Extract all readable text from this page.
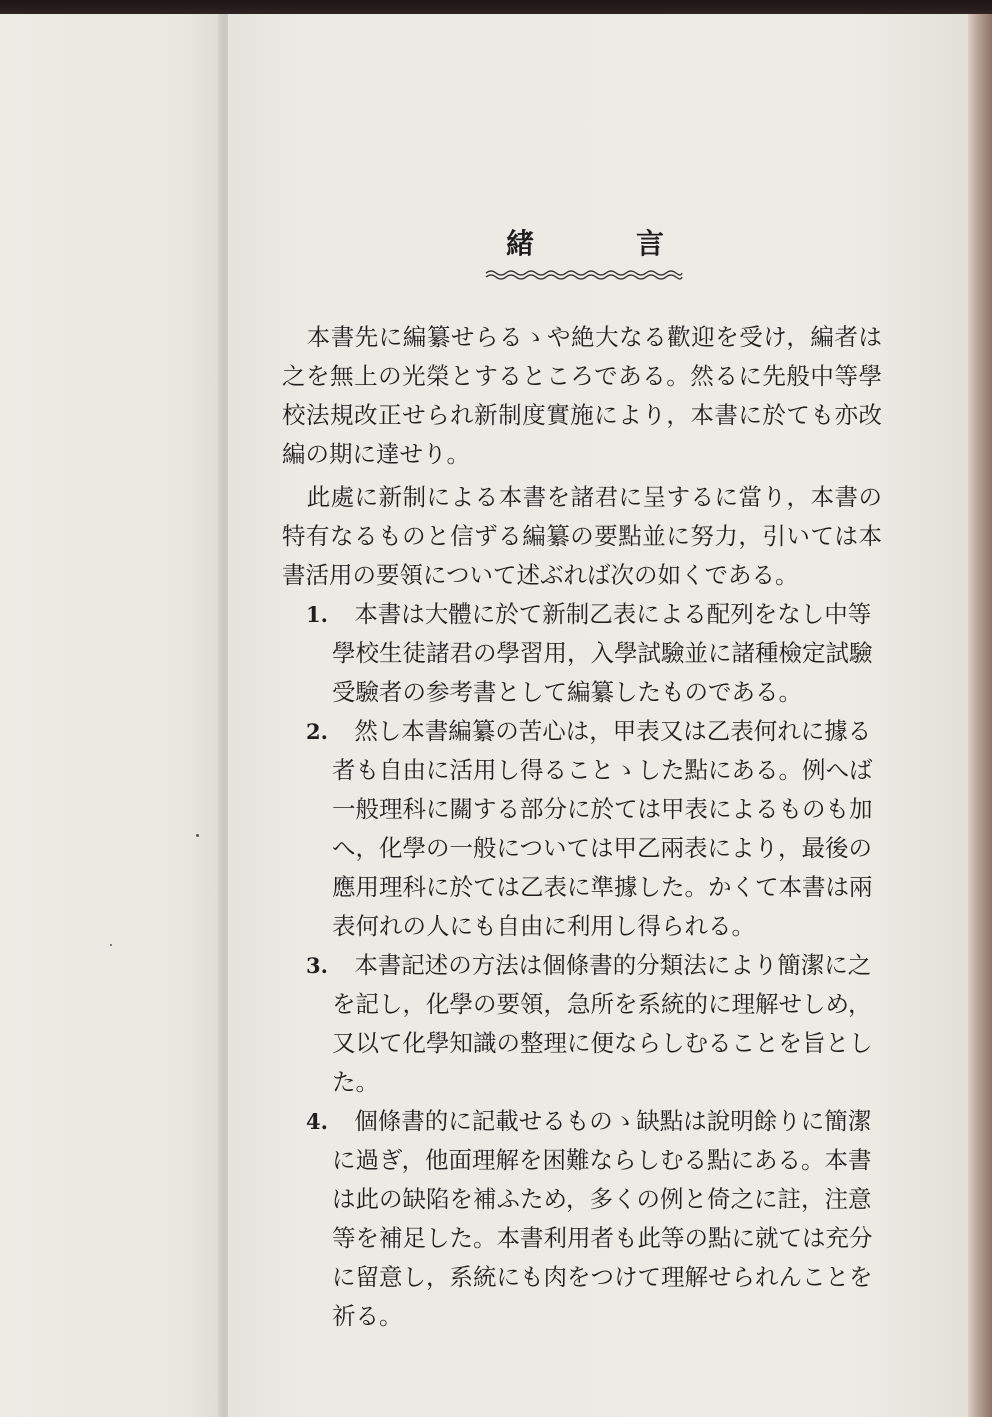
緒	言

本書先に編纂せらるゝや絶大なる歡迎を受け，編者は之を無上の光榮とするところである。然るに先般中等學校法規改正せられ新制度實施により，本書に於ても亦改編の期に達せり。

此處に新制による本書を諸君に呈するに當り，本書の特有なるものと信ずる編纂の要點並に努力，引いては本書活用の要領について述ぶれば次の如くである。

1.	本書は大體に於て新制乙表による配列をなし中等學校生徒諸君の學習用，入學試驗並に諸種檢定試驗受驗者の参考書として編纂したものである。

2.	然し本書編纂の苦心は，甲表又は乙表何れに據る者も自由に活用し得ることゝした點にある。例へば一般理科に關する部分に於ては甲表によるものも加へ，化學の一般については甲乙兩表により，最後の應用理科に於ては乙表に準據した。かくて本書は兩表何れの人にも自由に利用し得られる。

3.	本書記述の方法は個條書的分類法により簡潔に之を記し，化學の要領，急所を系統的に理解せしめ，又以て化學知識の整理に便ならしむることを旨とした。

4.	個條書的に記載せるものゝ缺點は說明餘りに簡潔に過ぎ，他面理解を困難ならしむる點にある。本書は此の缺陷を補ふため，多くの例と倚之に註，注意等を補足した。本書利用者も此等の點に就ては充分に留意し，系統にも肉をつけて理解せられんことを祈る。
